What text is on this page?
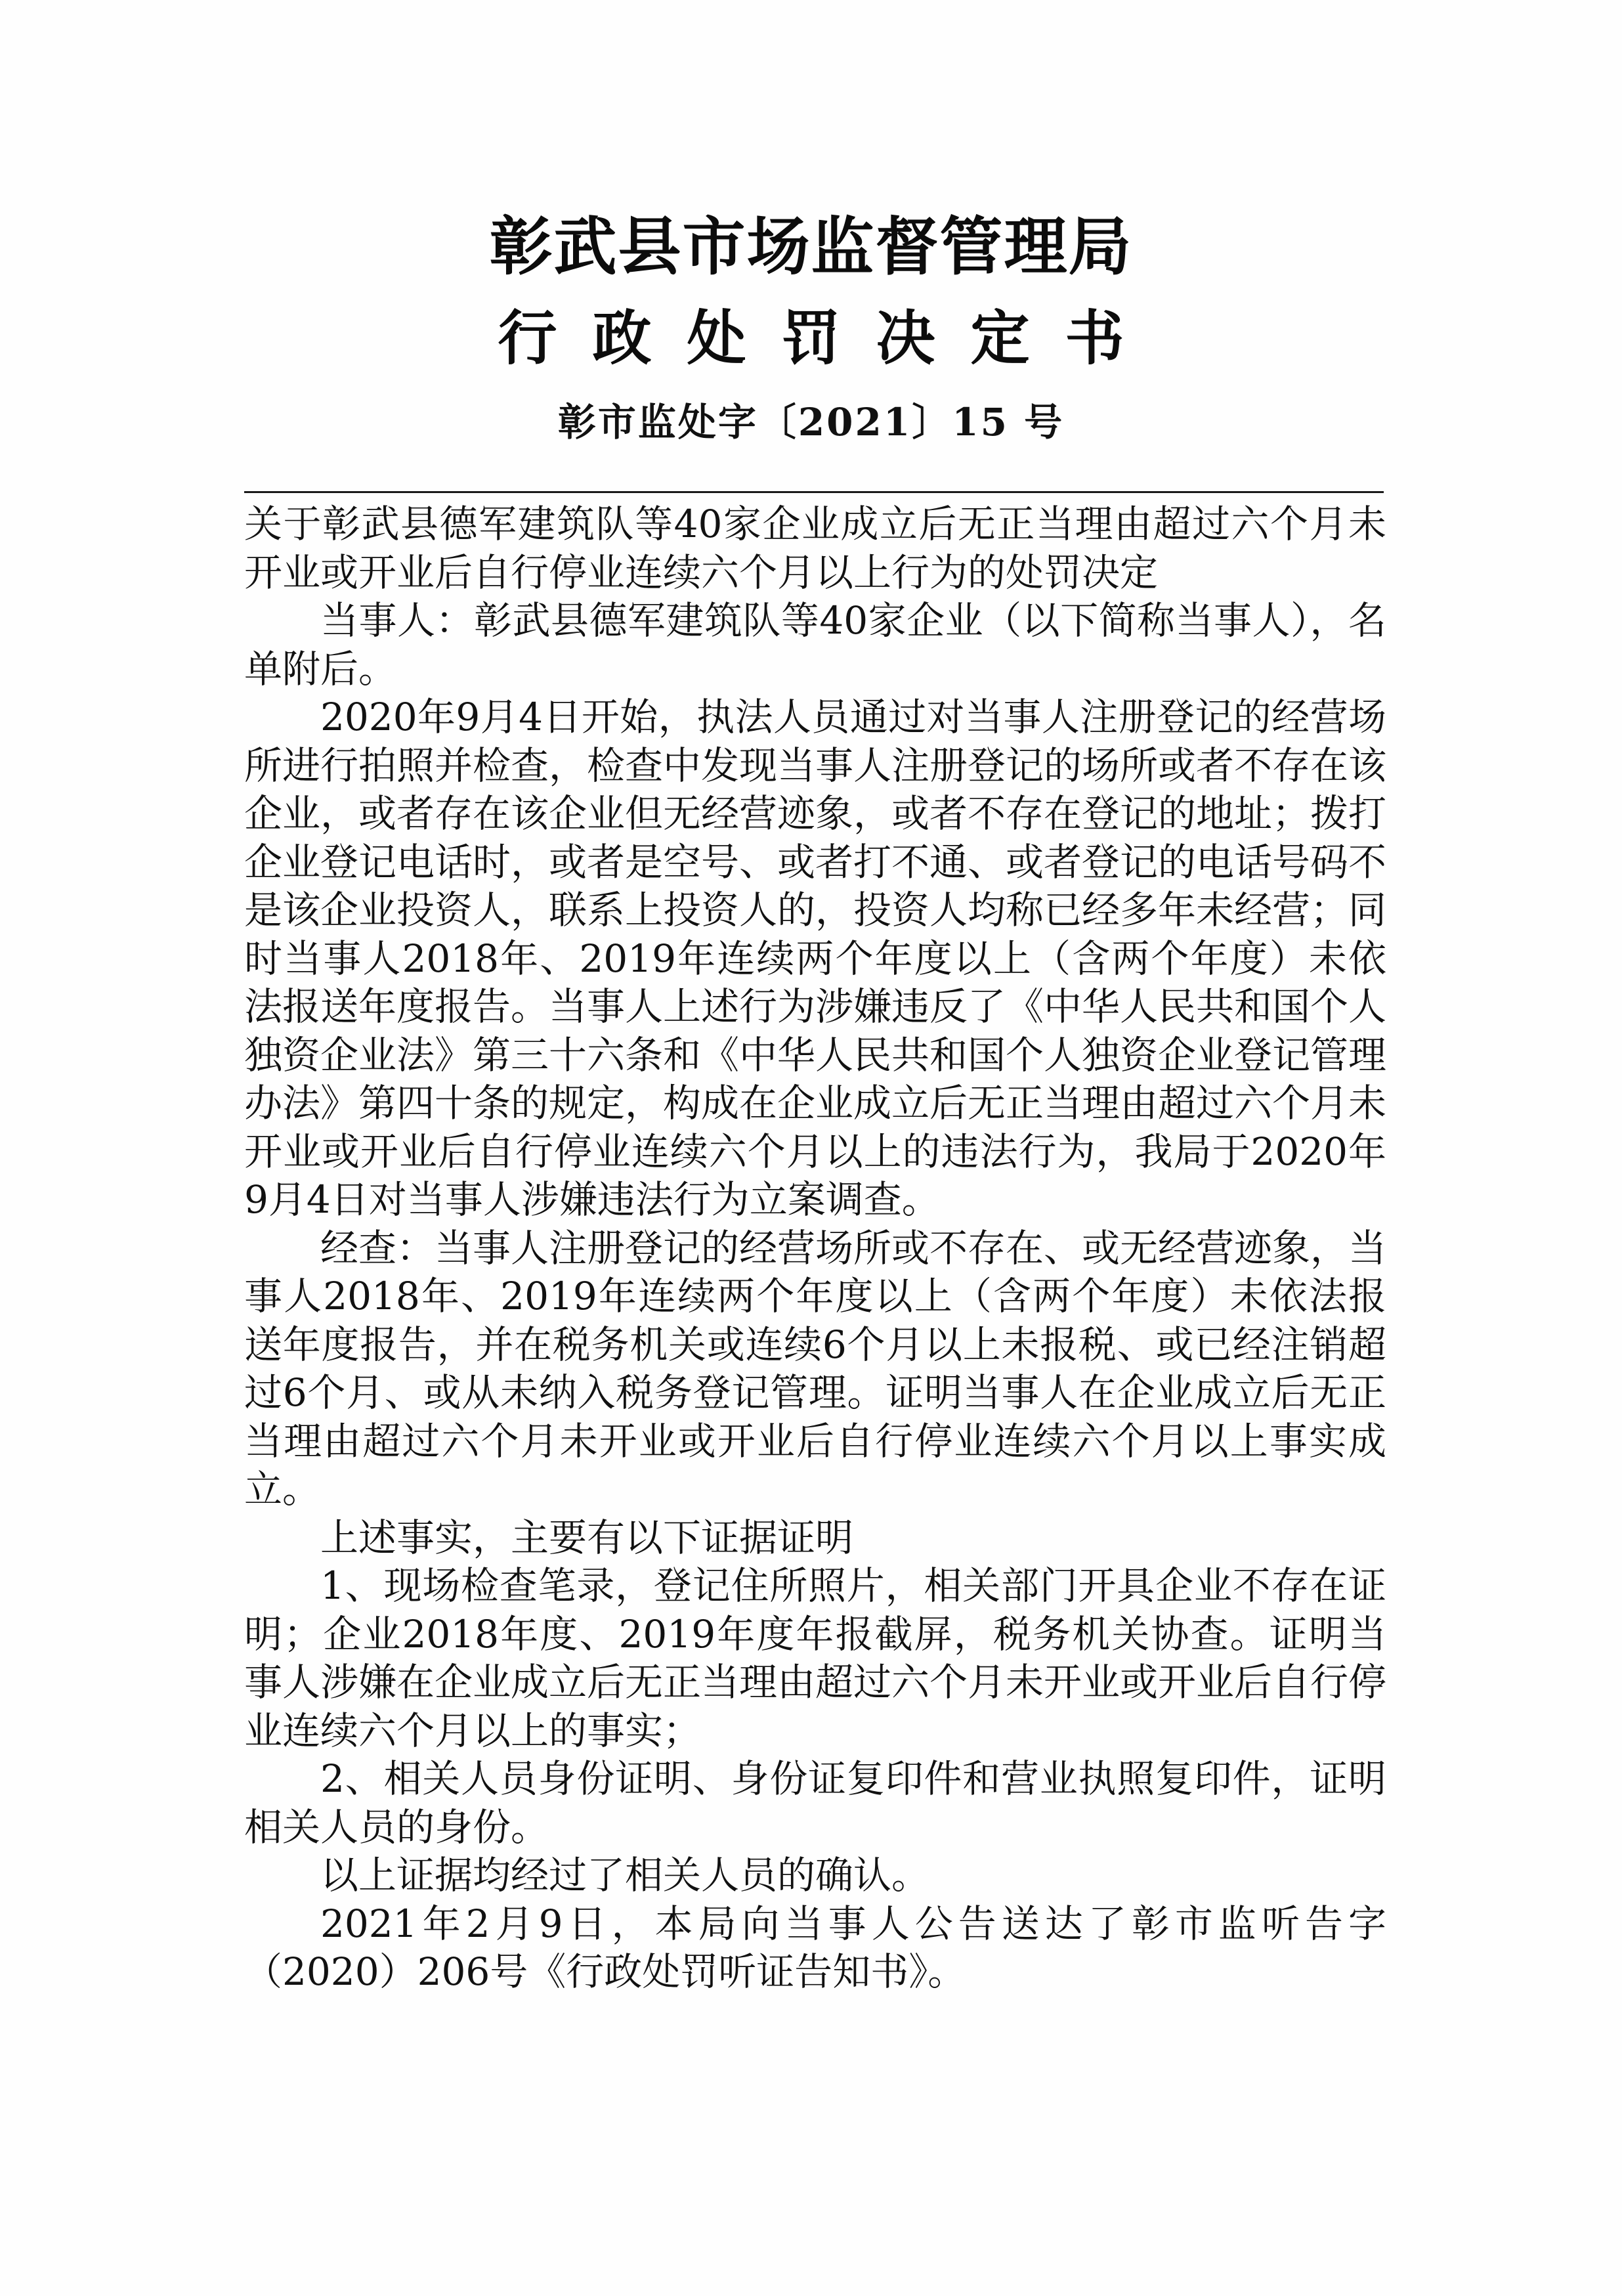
彰武县市场监督管理局
行政处罚决定书
彰市监处字〔2021〕15 号

关于彰武县德军建筑队等40家企业成立后无正当理由超过六个月未开业或开业后自行停业连续六个月以上行为的处罚决定

当事人：彰武县德军建筑队等40家企业（以下简称当事人），名单附后。

2020年9月4日开始，执法人员通过对当事人注册登记的经营场所进行拍照并检查，检查中发现当事人注册登记的场所或者不存在该企业，或者存在该企业但无经营迹象，或者不存在登记的地址；拨打企业登记电话时，或者是空号、或者打不通、或者登记的电话号码不是该企业投资人，联系上投资人的，投资人均称已经多年未经营；同时当事人2018年、2019年连续两个年度以上（含两个年度）未依法报送年度报告。当事人上述行为涉嫌违反了《中华人民共和国个人独资企业法》第三十六条和《中华人民共和国个人独资企业登记管理办法》第四十条的规定，构成在企业成立后无正当理由超过六个月未开业或开业后自行停业连续六个月以上的违法行为，我局于2020年9月4日对当事人涉嫌违法行为立案调查。

经查：当事人注册登记的经营场所或不存在、或无经营迹象，当事人2018年、2019年连续两个年度以上（含两个年度）未依法报送年度报告，并在税务机关或连续6个月以上未报税、或已经注销超过6个月、或从未纳入税务登记管理。证明当事人在企业成立后无正当理由超过六个月未开业或开业后自行停业连续六个月以上事实成立。

上述事实，主要有以下证据证明

1、现场检查笔录，登记住所照片，相关部门开具企业不存在证明；企业2018年度、2019年度年报截屏，税务机关协查。证明当事人涉嫌在企业成立后无正当理由超过六个月未开业或开业后自行停业连续六个月以上的事实；

2、相关人员身份证明、身份证复印件和营业执照复印件，证明相关人员的身份。

以上证据均经过了相关人员的确认。

2021年2月9日，本局向当事人公告送达了彰市监听告字（2020）206号《行政处罚听证告知书》。
